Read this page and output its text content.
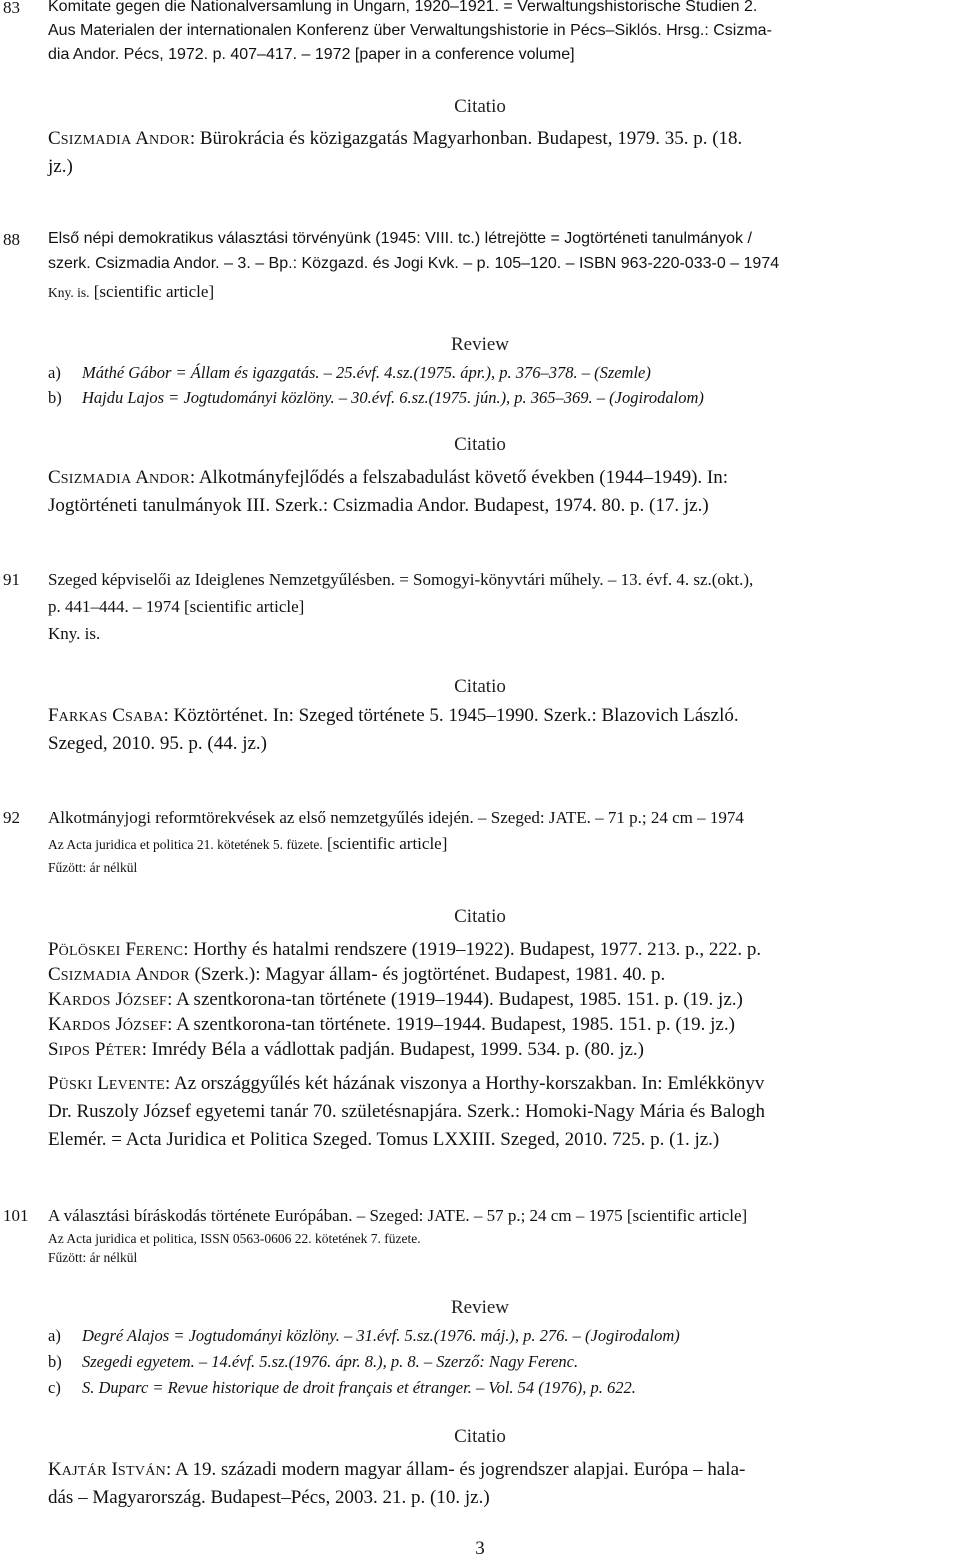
83 Komitate gegen die Nationalversamlung in Ungarn, 1920–1921. = Verwaltungshistorische Studien 2.
Aus Materialen der internationalen Konferenz über Verwaltungshistorie in Pécs–Siklós. Hrsg.: Csizma-
dia Andor. Pécs, 1972. p. 407–417. – 1972 [paper in a conference volume]
Citatio
CSIZMADIA ANDOR: Bürokrácia és közigazgatás Magyarhonban. Budapest, 1979. 35. p. (18.
jz.)
88 Első népi demokratikus választási törvényünk (1945: VIII. tc.) létrejötte = Jogtörténeti tanulmányok /
szerk. Csizmadia Andor. – 3. – Bp.: Közgazd. és Jogi Kvk. – p. 105–120. – ISBN 963-220-033-0 – 1974
Kny. is. [scientific article]
Review
a) Máthé Gábor = Állam és igazgatás. – 25.évf. 4.sz.(1975. ápr.), p. 376–378. – (Szemle)
b) Hajdu Lajos = Jogtudományi közlöny. – 30.évf. 6.sz.(1975. jún.), p. 365–369. – (Jogirodalom)
Citatio
CSIZMADIA ANDOR: Alkotmányfejlődés a felszabadulást követő években (1944–1949). In:
Jogtörténeti tanulmányok III. Szerk.: Csizmadia Andor. Budapest, 1974. 80. p. (17. jz.)
91 Szeged képviselői az Ideiglenes Nemzetgyűlésben. = Somogyi-könyvtári műhely. – 13. évf. 4. sz.(okt.),
p. 441–444. – 1974 [scientific article]
Kny. is.
Citatio
FARKAS CSABA: Köztörténet. In: Szeged története 5. 1945–1990. Szerk.: Blazovich László.
Szeged, 2010. 95. p. (44. jz.)
92 Alkotmányjogi reformtörekvések az első nemzetgyűlés idején. – Szeged: JATE. – 71 p.; 24 cm – 1974
Az Acta juridica et politica 21. kötetének 5. füzete. [scientific article]
Fűzött: ár nélkül
Citatio
PÖLÖSKEI FERENC: Horthy és hatalmi rendszere (1919–1922). Budapest, 1977. 213. p., 222. p.
CSIZMADIA ANDOR (Szerk.): Magyar állam- és jogtörténet. Budapest, 1981. 40. p.
KARDOS JÓZSEF: A szentkorona-tan története (1919–1944). Budapest, 1985. 151. p. (19. jz.)
KARDOS JÓZSEF: A szentkorona-tan története. 1919–1944. Budapest, 1985. 151. p. (19. jz.)
SIPOS PÉTER: Imrédy Béla a vádlottak padján. Budapest, 1999. 534. p. (80. jz.)
PÜSKI LEVENTE: Az országgyűlés két házának viszonya a Horthy-korszakban. In: Emlékkönyv
Dr. Ruszoly József egyetemi tanár 70. születésnapjára. Szerk.: Homoki-Nagy Mária és Balogh
Elemér. = Acta Juridica et Politica Szeged. Tomus LXXIII. Szeged, 2010. 725. p. (1. jz.)
101 A választási bíráskodás története Európában. – Szeged: JATE. – 57 p.; 24 cm – 1975 [scientific article]
Az Acta juridica et politica, ISSN 0563-0606 22. kötetének 7. füzete.
Fűzött: ár nélkül
Review
a) Degré Alajos = Jogtudományi közlöny. – 31.évf. 5.sz.(1976. máj.), p. 276. – (Jogirodalom)
b) Szegedi egyetem. – 14.évf. 5.sz.(1976. ápr. 8.), p. 8. – Szerző: Nagy Ferenc.
c) S. Duparc = Revue historique de droit français et étranger. – Vol. 54 (1976), p. 622.
Citatio
KAJTÁR ISTVÁN: A 19. századi modern magyar állam- és jogrendszer alapjai. Európa – hala-
dás – Magyarország. Budapest–Pécs, 2003. 21. p. (10. jz.)
3
